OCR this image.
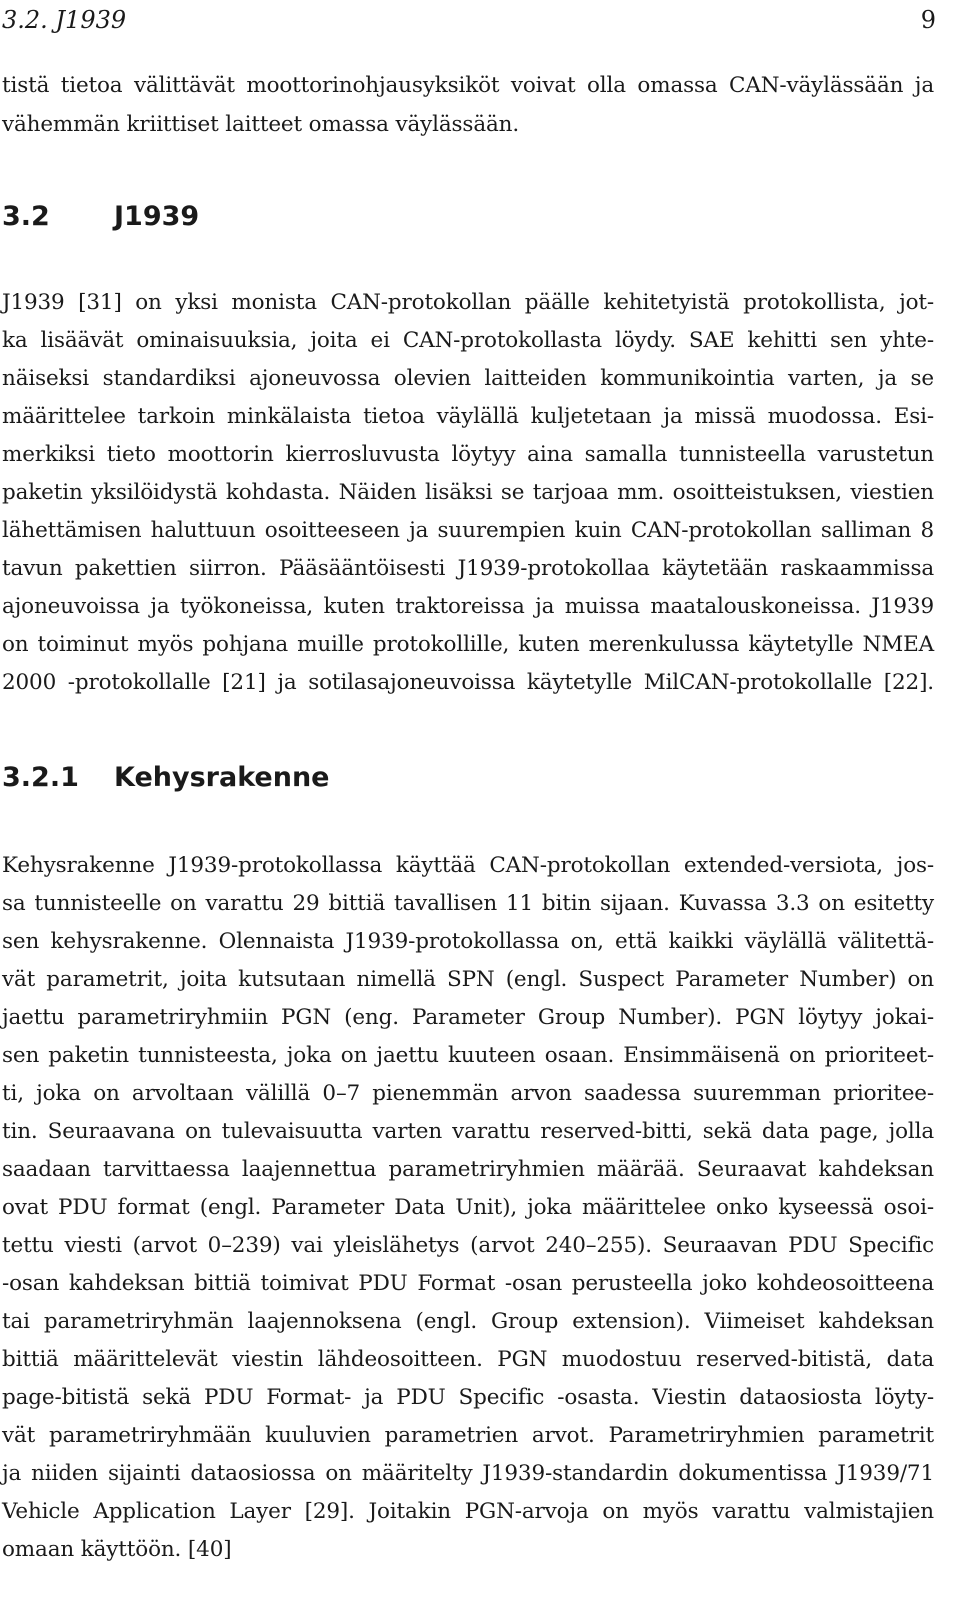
3.2. J1939	9
tistä tietoa välittävät moottorinohjausyksiköt voivat olla omassa CAN-väylässään ja
vähemmän kriittiset laitteet omassa väylässään.
3.2 J1939
J1939 [31] on yksi monista CAN-protokollan päälle kehitetyistä protokollista, jot-
ka lisäävät ominaisuuksia, joita ei CAN-protokollasta löydy. SAE kehitti sen yhte-
näiseksi standardiksi ajoneuvossa olevien laitteiden kommunikointia varten, ja se
määrittelee tarkoin minkälaista tietoa väylällä kuljetetaan ja missä muodossa. Esi-
merkiksi tieto moottorin kierrosluvusta löytyy aina samalla tunnisteella varustetun
paketin yksilöidystä kohdasta. Näiden lisäksi se tarjoaa mm. osoitteistuksen, viestien
lähettämisen haluttuun osoitteeseen ja suurempien kuin CAN-protokollan salliman 8
tavun pakettien siirron. Pääsääntöisesti J1939-protokollaa käytetään raskaammissa
ajoneuvoissa ja työkoneissa, kuten traktoreissa ja muissa maatalouskoneissa. J1939
on toiminut myös pohjana muille protokollille, kuten merenkulussa käytetylle NMEA
2000 -protokollalle [21] ja sotilasajoneuvoissa käytetylle MilCAN-protokollalle [22].
3.2.1 Kehysrakenne
Kehysrakenne J1939-protokollassa käyttää CAN-protokollan extended-versiota, jos-
sa tunnisteelle on varattu 29 bittiä tavallisen 11 bitin sijaan. Kuvassa 3.3 on esitetty
sen kehysrakenne. Olennaista J1939-protokollassa on, että kaikki väylällä välitettä-
vät parametrit, joita kutsutaan nimellä SPN (engl. Suspect Parameter Number) on
jaettu parametriryhmiin PGN (eng. Parameter Group Number). PGN löytyy jokai-
sen paketin tunnisteesta, joka on jaettu kuuteen osaan. Ensimmäisenä on prioriteet-
ti, joka on arvoltaan välillä 0–7 pienemmän arvon saadessa suuremman prioritee-
tin. Seuraavana on tulevaisuutta varten varattu reserved-bitti, sekä data page, jolla
saadaan tarvittaessa laajennettua parametriryhmien määrää. Seuraavat kahdeksan
ovat PDU format (engl. Parameter Data Unit), joka määrittelee onko kyseessä osoi-
tettu viesti (arvot 0–239) vai yleislähetys (arvot 240–255). Seuraavan PDU Specific
-osan kahdeksan bittiä toimivat PDU Format -osan perusteella joko kohdeosoitteena
tai parametriryhmän laajennoksena (engl. Group extension). Viimeiset kahdeksan
bittiä määrittelevät viestin lähdeosoitteen. PGN muodostuu reserved-bitistä, data
page-bitistä sekä PDU Format- ja PDU Specific -osasta. Viestin dataosiosta löyty-
vät parametriryhmään kuuluvien parametrien arvot. Parametriryhmien parametrit
ja niiden sijainti dataosiossa on määritelty J1939-standardin dokumentissa J1939/71
Vehicle Application Layer [29]. Joitakin PGN-arvoja on myös varattu valmistajien
omaan käyttöön. [40]
